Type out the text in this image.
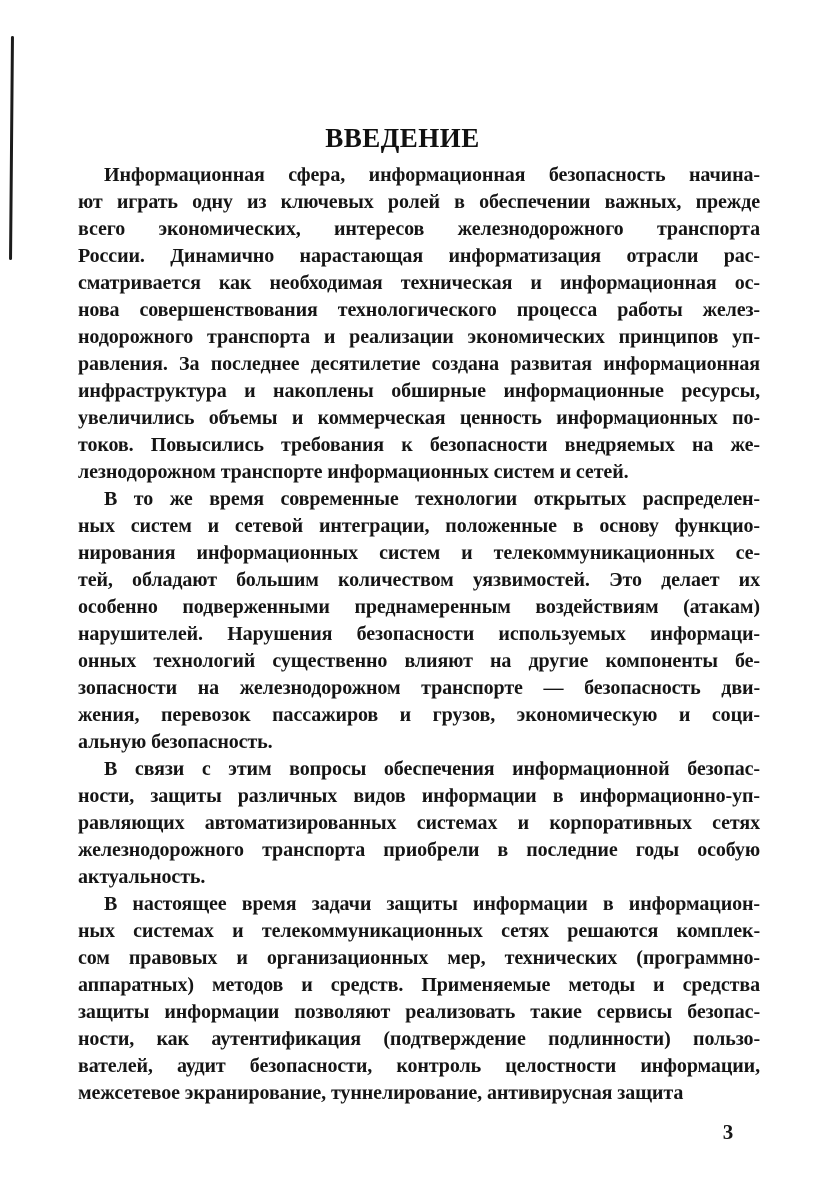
ВВЕДЕНИЕ
Информационная сфера, информационная безопасность начина-
ют играть одну из ключевых ролей в обеспечении важных, прежде
всего экономических, интересов железнодорожного транспорта
России. Динамично нарастающая информатизация отрасли рас-
сматривается как необходимая техническая и информационная ос-
нова совершенствования технологического процесса работы желез-
нодорожного транспорта и реализации экономических принципов уп-
равления. За последнее десятилетие создана развитая информационная
инфраструктура и накоплены обширные информационные ресурсы,
увеличились объемы и коммерческая ценность информационных по-
токов. Повысились требования к безопасности внедряемых на же-
лезнодорожном транспорте информационных систем и сетей.
В то же время современные технологии открытых распределен-
ных систем и сетевой интеграции, положенные в основу функцио-
нирования информационных систем и телекоммуникационных се-
тей, обладают большим количеством уязвимостей. Это делает их
особенно подверженными преднамеренным воздействиям (атакам)
нарушителей. Нарушения безопасности используемых информаци-
онных технологий существенно влияют на другие компоненты бе-
зопасности на железнодорожном транспорте — безопасность дви-
жения, перевозок пассажиров и грузов, экономическую и соци-
альную безопасность.
В связи с этим вопросы обеспечения информационной безопас-
ности, защиты различных видов информации в информационно-уп-
равляющих автоматизированных системах и корпоративных сетях
железнодорожного транспорта приобрели в последние годы особую
актуальность.
В настоящее время задачи защиты информации в информацион-
ных системах и телекоммуникационных сетях решаются комплек-
сом правовых и организационных мер, технических (программно-
аппаратных) методов и средств. Применяемые методы и средства
защиты информации позволяют реализовать такие сервисы безопас-
ности, как аутентификация (подтверждение подлинности) пользо-
вателей, аудит безопасности, контроль целостности информации,
межсетевое экранирование, туннелирование, антивирусная защита
3
